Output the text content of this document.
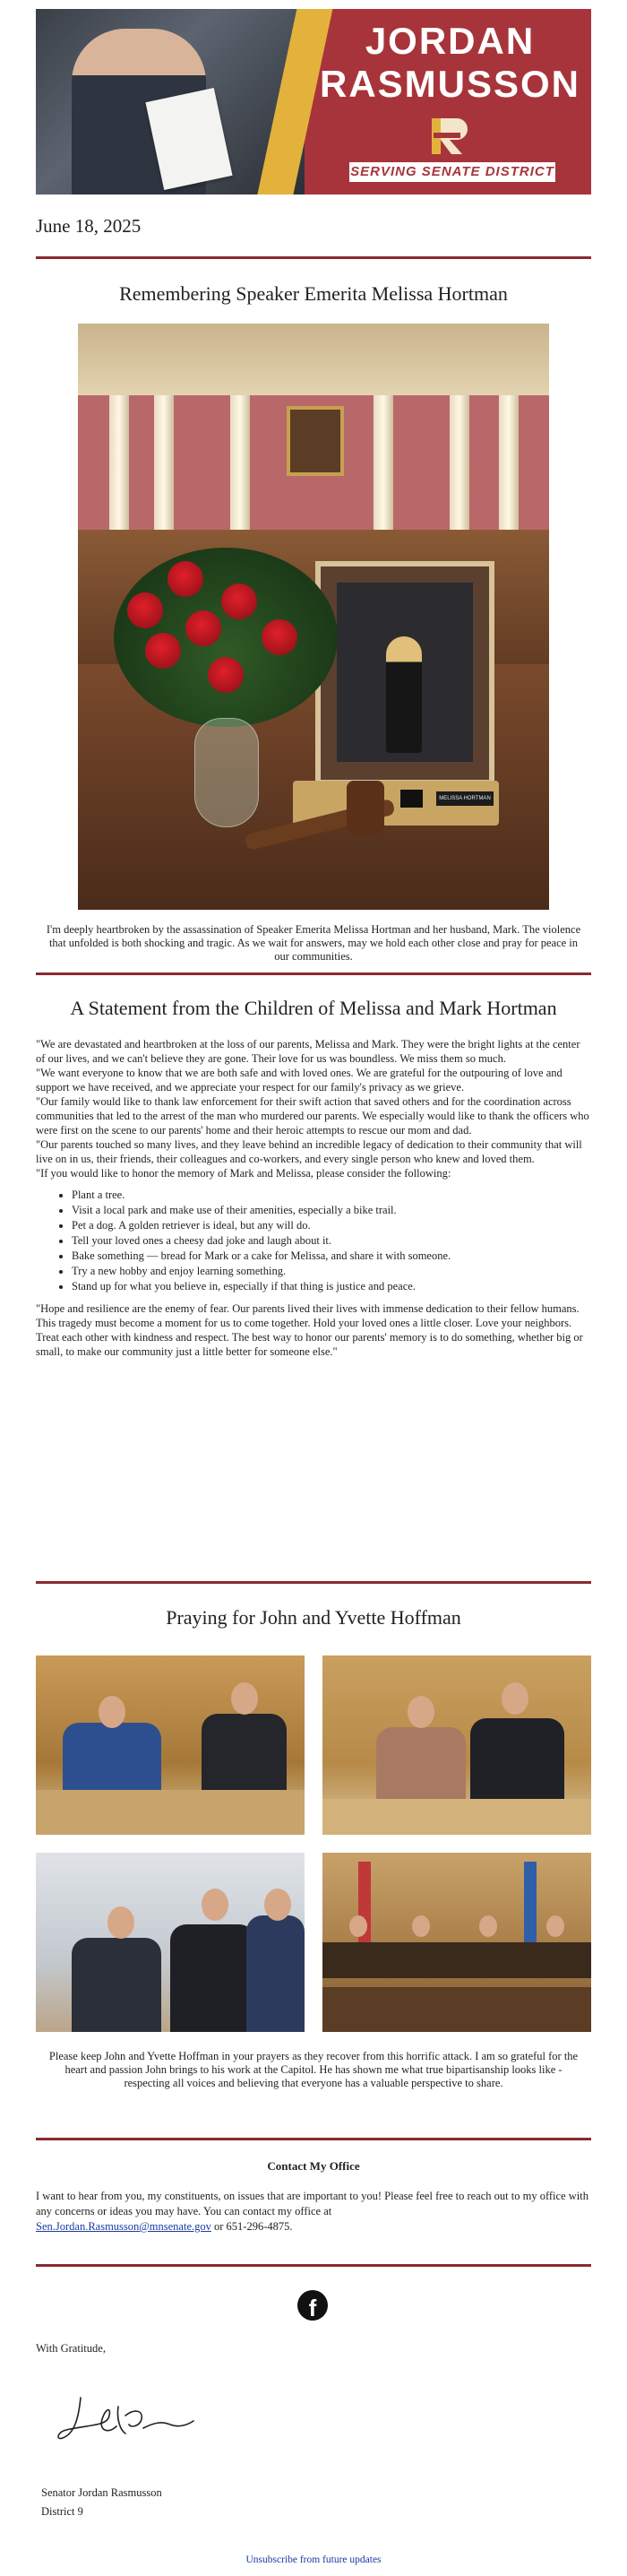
JORDAN
RASMUSSON
SERVING SENATE DISTRICT 9
June 18, 2025
Remembering Speaker Emerita Melissa Hortman
MELISSA HORTMAN
I'm deeply heartbroken by the assassination of Speaker Emerita Melissa Hortman and her husband, Mark. The violence that unfolded is both shocking and tragic. As we wait for answers, may we hold each other close and pray for peace in our communities.
A Statement from the Children of Melissa and Mark Hortman

"We are devastated and heartbroken at the loss of our parents, Melissa and Mark. They were the bright lights at the center of our lives, and we can't believe they are gone. Their love for us was boundless. We miss them so much.

"We want everyone to know that we are both safe and with loved ones. We are grateful for the outpouring of love and support we have received, and we appreciate your respect for our family's privacy as we grieve.

"Our family would like to thank law enforcement for their swift action that saved others and for the coordination across communities that led to the arrest of the man who murdered our parents. We especially would like to thank the officers who were first on the scene to our parents' home and their heroic attempts to rescue our mom and dad.

"Our parents touched so many lives, and they leave behind an incredible legacy of dedication to their community that will live on in us, their friends, their colleagues and co-workers, and every single person who knew and loved them.

"If you would like to honor the memory of Mark and Melissa, please consider the following:

• Plant a tree.
• Visit a local park and make use of their amenities, especially a bike trail.
• Pet a dog. A golden retriever is ideal, but any will do.
• Tell your loved ones a cheesy dad joke and laugh about it.
• Bake something — bread for Mark or a cake for Melissa, and share it with someone.
• Try a new hobby and enjoy learning something.
• Stand up for what you believe in, especially if that thing is justice and peace.

"Hope and resilience are the enemy of fear. Our parents lived their lives with immense dedication to their fellow humans. This tragedy must become a moment for us to come together. Hold your loved ones a little closer. Love your neighbors. Treat each other with kindness and respect. The best way to honor our parents' memory is to do something, whether big or small, to make our community just a little better for someone else."

Praying for John and Yvette Hoffman
Please keep John and Yvette Hoffman in your prayers as they recover from this horrific attack. I am so grateful for the heart and passion John brings to his work at the Capitol. He has shown me what true bipartisanship looks like - respecting all voices and believing that everyone has a valuable perspective to share.
Contact My Office
I want to hear from you, my constituents, on issues that are important to you! Please feel free to reach out to my office with any concerns or ideas you may have. You can contact my office at
Sen.Jordan.Rasmusson@mnsenate.gov or 651-296-4875.
f
With Gratitude,
Senator Jordan Rasmusson
District 9
Unsubscribe from future updates
